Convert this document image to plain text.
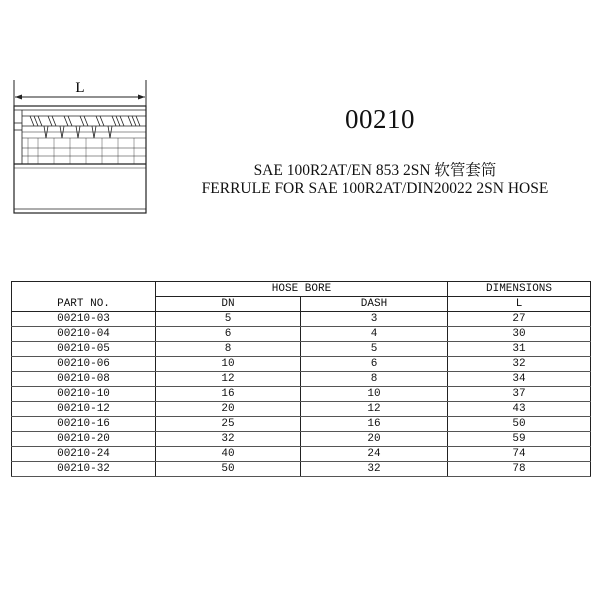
L
00210
SAE 100R2AT/EN 853 2SN 软管套筒
FERRULE FOR SAE 100R2AT/DIN20022 2SN HOSE
	HOSE BORE		DIMENSIONS
PART NO.	DN	DASH	L
00210-03	5	3	27
00210-04	6	4	30
00210-05	8	5	31
00210-06	10	6	32
00210-08	12	8	34
00210-10	16	10	37
00210-12	20	12	43
00210-16	25	16	50
00210-20	32	20	59
00210-24	40	24	74
00210-32	50	32	78
